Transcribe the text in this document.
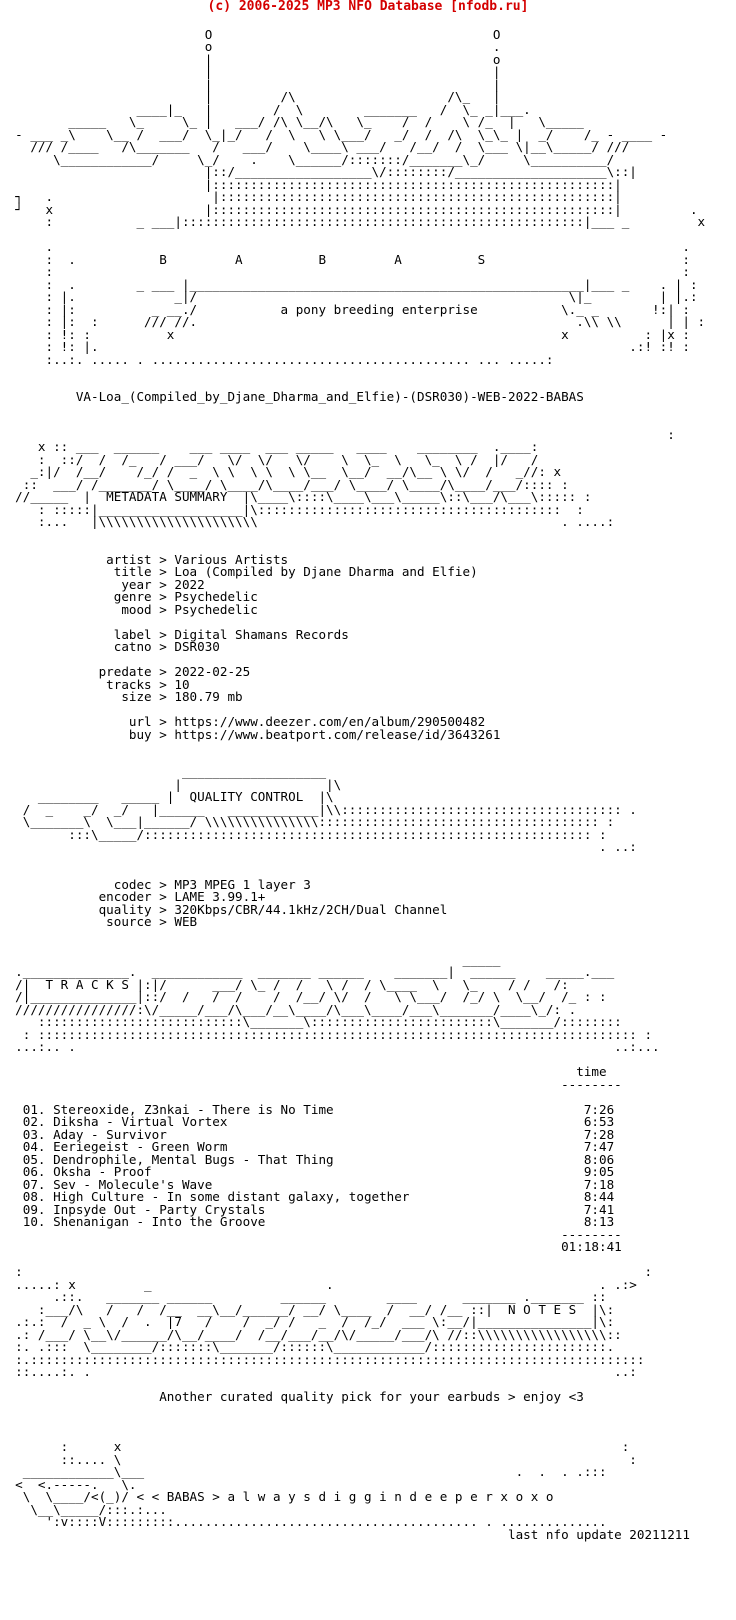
(c) 2006-2025 MP3 NFO Database [nfodb.ru]

O                                     O
o                                     .
|                                     o
|                                     |
|                                     |
|         /\                    /\_   |
____|_   |        /  \        _______   /  \_ _|___.
_____   \_     \_ |   ___/ /\ \__/\   \_    /  /    \ /_  |   \_____
- ___ _\    \__ /  ___/  \_|_/   /  \   \ \___/   _/  /  /\  \_\_ |  _/    /_ - ____ -
/// /____   /\_______   /   ___/    \____\ ___/   /__/  /  \___ \|__\_____/ ///
\____________/     \_/    .    \______/:::::::/_______\_/     \__________/
|::/__________________\/::::::::/____________________\::|
|:::::::::::::::::::::::::::::::::::::::::::::::::::::|
┐   .                     |::::::::::::::::::::::::::::::::::::::::::::::::::::|
┘   x                    |:::::::::::::::::::::::::::::::::::::::::::::::::::::|         .
:           _ ___|:::::::::::::::::::::::::::::::::::::::::::::::::::::|___ _         x

.                                                                                   .
:  .           B         A          B         A          S                          :
:                                                                                   :
:  .        _ ___ |____________________________________________________|___ _    . | :
: |.             _|/                                                 \|_         | |.:
: |:          _ __./           a pony breeding enterprise           \._ _       !:| :
: |:  :      /// //.                                                  .\\ \\      | | :
: !: :          x                                                   x          : |x :
: !: |.                                                                      .:! :! :
:..:. ..... . .......................................... ... .....:

VA-Loa_(Compiled_by_Djane_Dharma_and_Elfie)-(DSR030)-WEB-2022-BABAS

:
x :: ___  ______    ___ ____  ___ _____   ____    ________  .____:
:  ::/  /  /_   / ___/   \/  \/   \/    \  \_  \   \_  \ /  |/   /
_:|/  /__/    /_/ /  _  \ \  \ \  \ \__  \__/  __/\__ \ \/  /   _//: x
::  ___/ /_______/ \____/ \____/\____/___/ \____/ \____/\____/___/:::: :
//_____  |  METADATA SUMMARY  |\____\::::\____\___\_____\::\___/\___\::::: :
: :::::|___________________|\::::::::::::::::::::::::::::::::::::::::  :
:...   |\\\\\\\\\\\\\\\\\\\\\                                        . ....:

artist > Various Artists
title > Loa (Compiled by Djane Dharma and Elfie)
year > 2022
genre > Psychedelic
mood > Psychedelic

label > Digital Shamans Records
catno > DSR030

predate > 2022-02-25
tracks > 10
size > 180.79 mb

url > https://www.deezer.com/en/album/290500482
buy > https://www.beatport.com/release/id/3643261

___________________
|                   |\
________   _____ |  QUALITY CONTROL  |\
/  _    _/  _/   |______   ____________|\\::::::::::::::::::::::::::::::::::::: .
\_______\  \___|______/ \\\\\\\\\\\\\\\::::::::::::::::::::::::::::::::::::: :
:::\_____/::::::::::::::::::::::::::::::::::::::::::::::::::::::::::: :
. ..:

codec > MP3 MPEG 1 layer 3
encoder > LAME 3.99.1+
quality > 320Kbps/CBR/44.1kHz/2CH/Dual Channel
source > WEB

_____
.______________.  ____________  _______ ______    _______|  ______    _____.___
/|  T R A C K S |:|/      ___/ \_ /  /   \ /  / \____  \   \_    / /   /:
/|______________|::/  /   /  /    /  /__/ \/  /   \ \___/  /_/ \  \__/  /_ : :
////////////////:\/_____/___/\___/__\____/\___\____/___\_______/____\_/: .
:::::::::::::::::::::::::::\_______\::::::::::::::::::::::::\_______/::::::::
: ::::::::::::::::::::::::::::::::::::::::::::::::::::::::::::::::::::::::::::::: :
...:.. .                                                                       ..:...

time
--------

01. Stereoxide, Z3nkai - There is No Time                                 7:26
02. Diksha - Virtual Vortex                                               6:53
03. Aday - Survivor                                                       7:28
04. Eeriegeist - Green Worm                                               7:47
05. Dendrophile, Mental Bugs - That Thing                                 8:06
06. Oksha - Proof                                                         9:05
07. Sev - Molecule's Wave                                                 7:18
08. High Culture - In some distant galaxy, together                       8:44
09. Inpsyde Out - Party Crystals                                          7:41
10. Shenanigan - Into the Groove                                          8:13
--------
01:18:41

:                                                                                  :
.....: x         _                       .                                   . .:>
.::.   _______ ______         ______        ____      _______ ._______ ::
:___/\   /   /  /__  __\__/______/ __/ \____  /  __/ /__ ::|  N O T E S  |\:
.:.:  /  _ \  /  .  |7   /    /  _/ /   _  /  /_/  ___ \:__/|_______________|\:
.: /___/ \__\/______/\__/____/  /__/___/__/\/_____/___/\ //::\\\\\\\\\\\\\\\\\::
:. .:::  \________/:::::::\_______/::::::\____________/:::::::::::::::::::::::.
:.:::::::::::::::::::::::::::::::::::::::::::::::::::::::::::::::::::::::::::::::::
::....:. .                                                                     ..:

Another curated quality pick for your earbuds > enjoy <3

:      x                                                                  :
::.... \                                                                   :
____________\___                                                 .  .  . .:::
<  <.-----.   \.
\  \____/<(_)/ < < BABAS > a l w a y s d i g g i n d e e p e r x o x o
\__\_____/:::.:...
':v::::V:::::::::........................................ . ..............
last nfo update 20211211
